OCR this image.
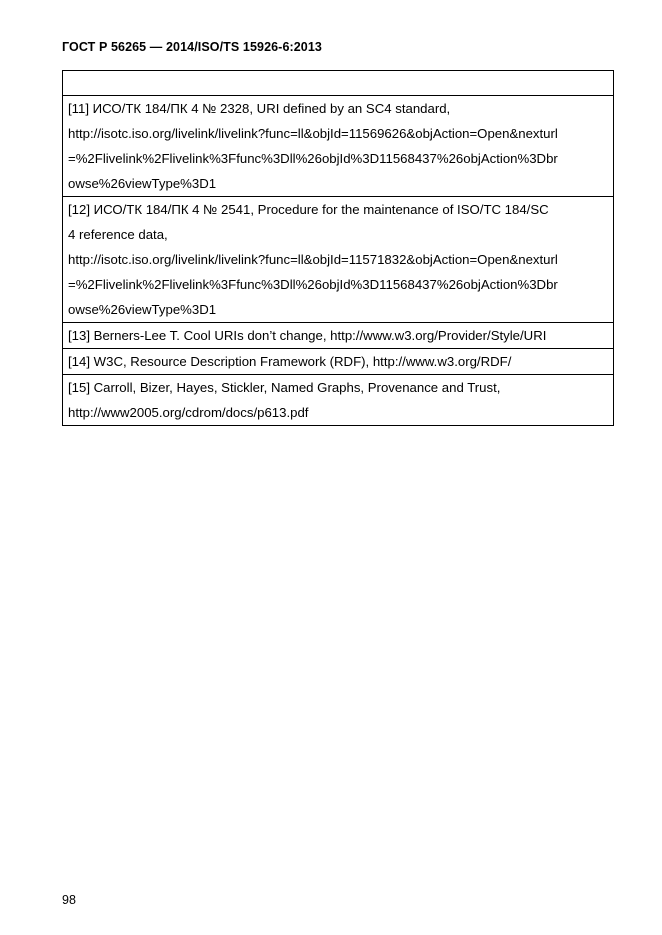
ГОСТ Р 56265 — 2014/ISO/TS 15926-6:2013

[11] ИСО/ТК 184/ПК 4 № 2328, URI defined by an SC4 standard,
http://isotc.iso.org/livelink/livelink?func=ll&objId=11569626&objAction=Open&nexturl
=%2Flivelink%2Flivelink%3Ffunc%3Dll%26objId%3D11568437%26objAction%3Dbr
owse%26viewType%3D1

[12] ИСО/ТК 184/ПК 4 № 2541, Procedure for the maintenance of ISO/TC 184/SC
4 reference data,
http://isotc.iso.org/livelink/livelink?func=ll&objId=11571832&objAction=Open&nexturl
=%2Flivelink%2Flivelink%3Ffunc%3Dll%26objId%3D11568437%26objAction%3Dbr
owse%26viewType%3D1

[13] Berners-Lee T. Cool URIs don’t change, http://www.w3.org/Provider/Style/URI

[14] W3C, Resource Description Framework (RDF), http://www.w3.org/RDF/

[15] Carroll, Bizer, Hayes, Stickler, Named Graphs, Provenance and Trust,
http://www2005.org/cdrom/docs/p613.pdf
98
